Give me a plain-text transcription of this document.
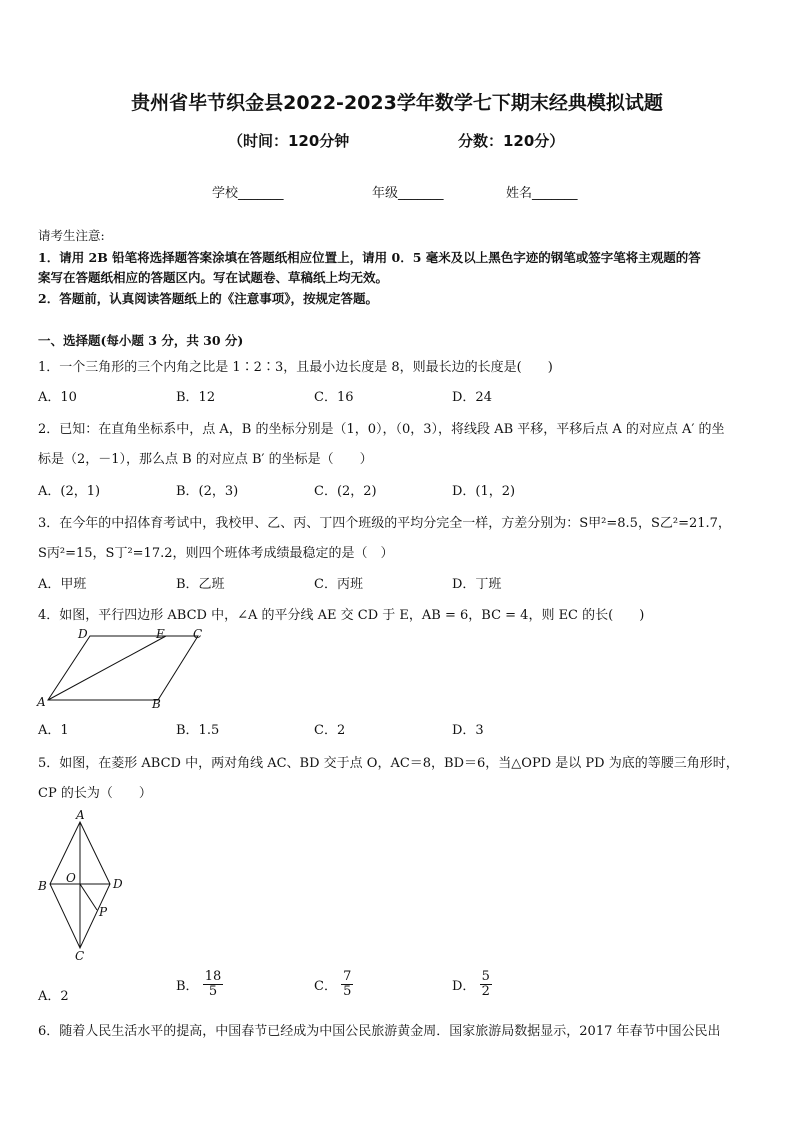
贵州省毕节织金县2022-2023学年数学七下期末经典模拟试题
（时间：120分钟	分数：120分）
学校_______	年级_______	姓名_______
请考生注意:
1．请用 2B 铅笔将选择题答案涂填在答题纸相应位置上，请用 0．5 毫米及以上黑色字迹的钢笔或签字笔将主观题的答
案写在答题纸相应的答题区内。写在试题卷、草稿纸上均无效。
2．答题前，认真阅读答题纸上的《注意事项》，按规定答题。
一、选择题(每小题 3 分，共 30 分)
1．一个三角形的三个内角之比是 1∶2∶3，且最小边长度是 8，则最长边的长度是(　　)
A．10	B．12	C．16	D．24
2．已知：在直角坐标系中，点 A，B 的坐标分别是（1，0），（0，3），将线段 AB 平移，平移后点 A 的对应点 A′ 的坐
标是（2，－1），那么点 B 的对应点 B′ 的坐标是（　　）
A．(2，1)	B．(2，3)	C．(2，2)	D．(1，2)
3．在今年的中招体育考试中，我校甲、乙、丙、丁四个班级的平均分完全一样，方差分别为：S甲²=8.5，S乙²=21.7，
S丙²=15，S丁²=17.2，则四个班体考成绩最稳定的是（　）
A．甲班	B．乙班	C．丙班	D．丁班
4．如图，平行四边形 ABCD 中，∠A 的平分线 AE 交 CD 于 E，AB = 6，BC = 4，则 EC 的长(　　)
D	E C
A	B
A．1	B．1.5	C．2	D．3
5．如图，在菱形 ABCD 中，两对角线 AC、BD 交于点 O，AC＝8，BD＝6，当△OPD 是以 PD 为底的等腰三角形时，
CP 的长为（　　）
A
O
B	D
P
C
A．2
B． $\frac{18}{5}$	C． $\frac{7}{5}$	D． $\frac{5}{2}$
6．随着人民生活水平的提高，中国春节已经成为中国公民旅游黄金周．国家旅游局数据显示，2017 年春节中国公民出
